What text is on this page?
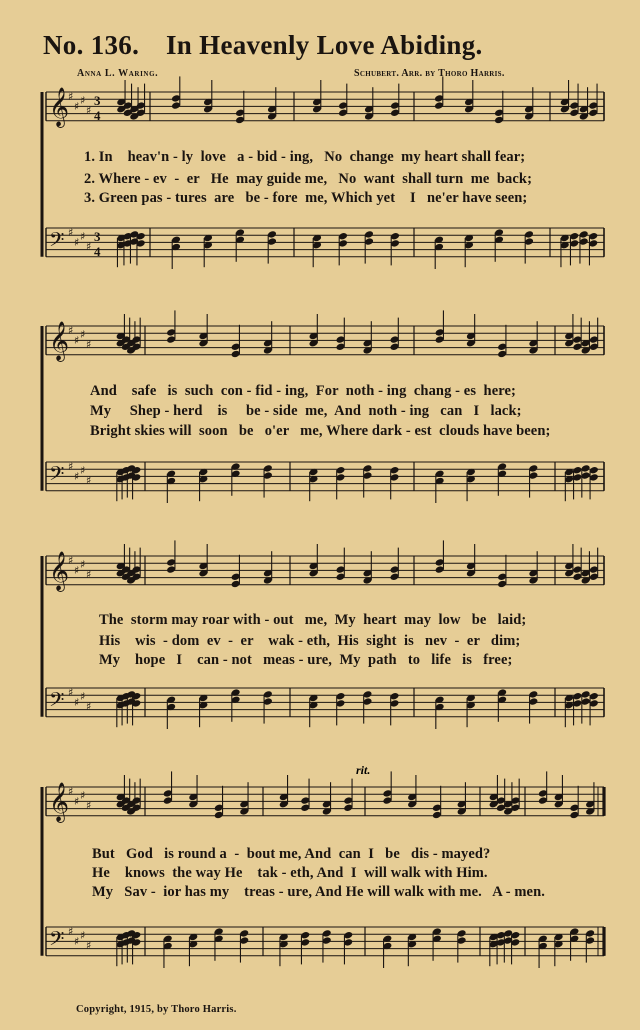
No. 136. In Heavenly Love Abiding.
Anna L. Waring.	Schubert. Arr. by Thoro Harris.
𝄞
♯
♯ ♯
♯
3
4
𝄢 ♯
♯ ♯
♯
3
4
𝄞
♯
♯ ♯
♯
𝄢 ♯
♯ ♯
♯
𝄞
♯
♯ ♯
♯
𝄢 ♯
♯ ♯
♯
𝄞
♯
♯ ♯
♯
𝄢 ♯
♯ ♯
♯
rit.
1. In    heav'n - ly  love   a - bid - ing,   No  change  my heart shall fear;
2. Where - ev  -  er   He  may guide me,   No  want  shall turn  me  back;
3. Green pas - tures  are   be - fore  me, Which yet    I   ne'er have seen;
And    safe   is  such  con - fid - ing,  For  noth - ing  chang - es  here;
My     Shep - herd    is     be - side  me,  And  noth - ing   can   I   lack;
Bright skies will  soon   be   o'er   me, Where dark - est  clouds have been;
The  storm may roar with - out   me,  My  heart  may  low   be   laid;
His    wis  - dom  ev  -  er    wak - eth,  His  sight  is   nev  -  er   dim;
My    hope   I    can - not   meas - ure,  My  path   to   life   is   free;
But   God   is round a  -  bout me, And  can  I   be   dis - mayed?
He    knows  the way He    tak - eth, And  I  will walk with Him.
My   Sav -  ior has my    treas - ure, And He will walk with me.   A - men.
Copyright, 1915, by Thoro Harris.
